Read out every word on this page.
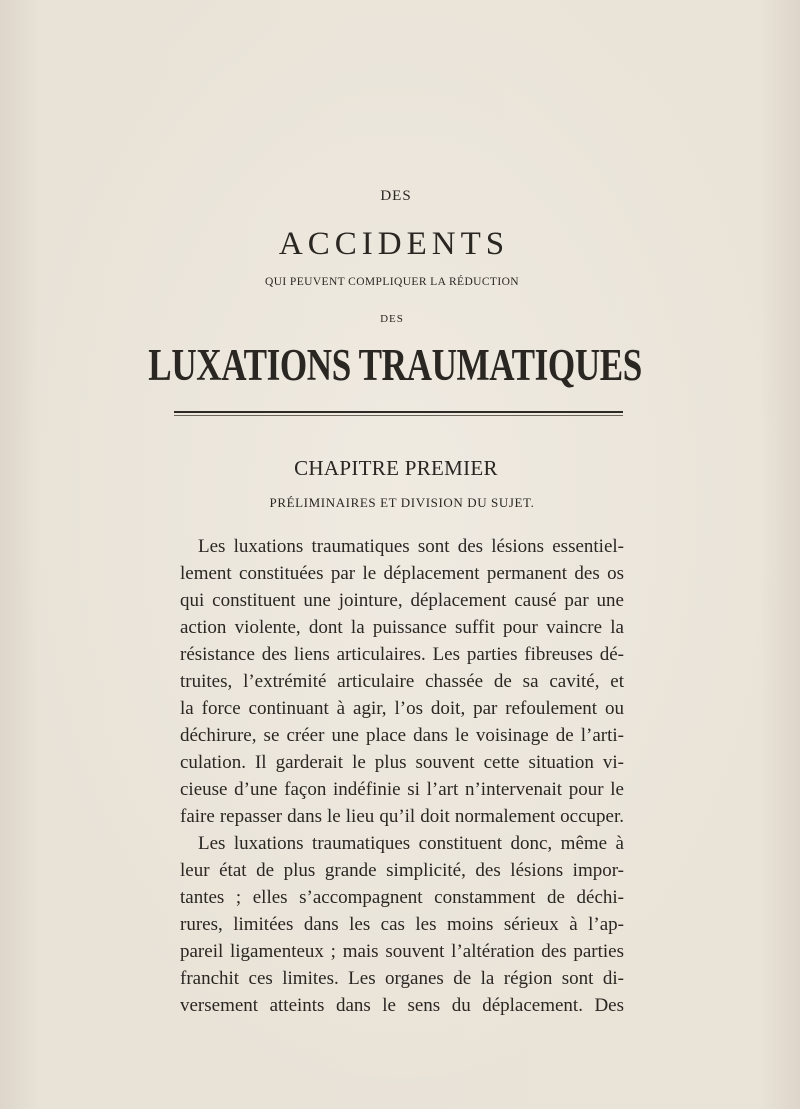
DES
ACCIDENTS
QUI PEUVENT COMPLIQUER LA RÉDUCTION
DES
LUXATIONS TRAUMATIQUES
CHAPITRE PREMIER
PRÉLIMINAIRES ET DIVISION DU SUJET.
Les luxations traumatiques sont des lésions essentiel-
lement constituées par le déplacement permanent des os
qui constituent une jointure, déplacement causé par une
action violente, dont la puissance suffit pour vaincre la
résistance des liens articulaires. Les parties fibreuses dé-
truites, l’extrémité articulaire chassée de sa cavité, et
la force continuant à agir, l’os doit, par refoulement ou
déchirure, se créer une place dans le voisinage de l’arti-
culation. Il garderait le plus souvent cette situation vi-
cieuse d’une façon indéfinie si l’art n’intervenait pour le
faire repasser dans le lieu qu’il doit normalement occuper.
Les luxations traumatiques constituent donc, même à
leur état de plus grande simplicité, des lésions impor-
tantes ; elles s’accompagnent constamment de déchi-
rures, limitées dans les cas les moins sérieux à l’ap-
pareil ligamenteux ; mais souvent l’altération des parties
franchit ces limites. Les organes de la région sont di-
versement atteints dans le sens du déplacement. Des
